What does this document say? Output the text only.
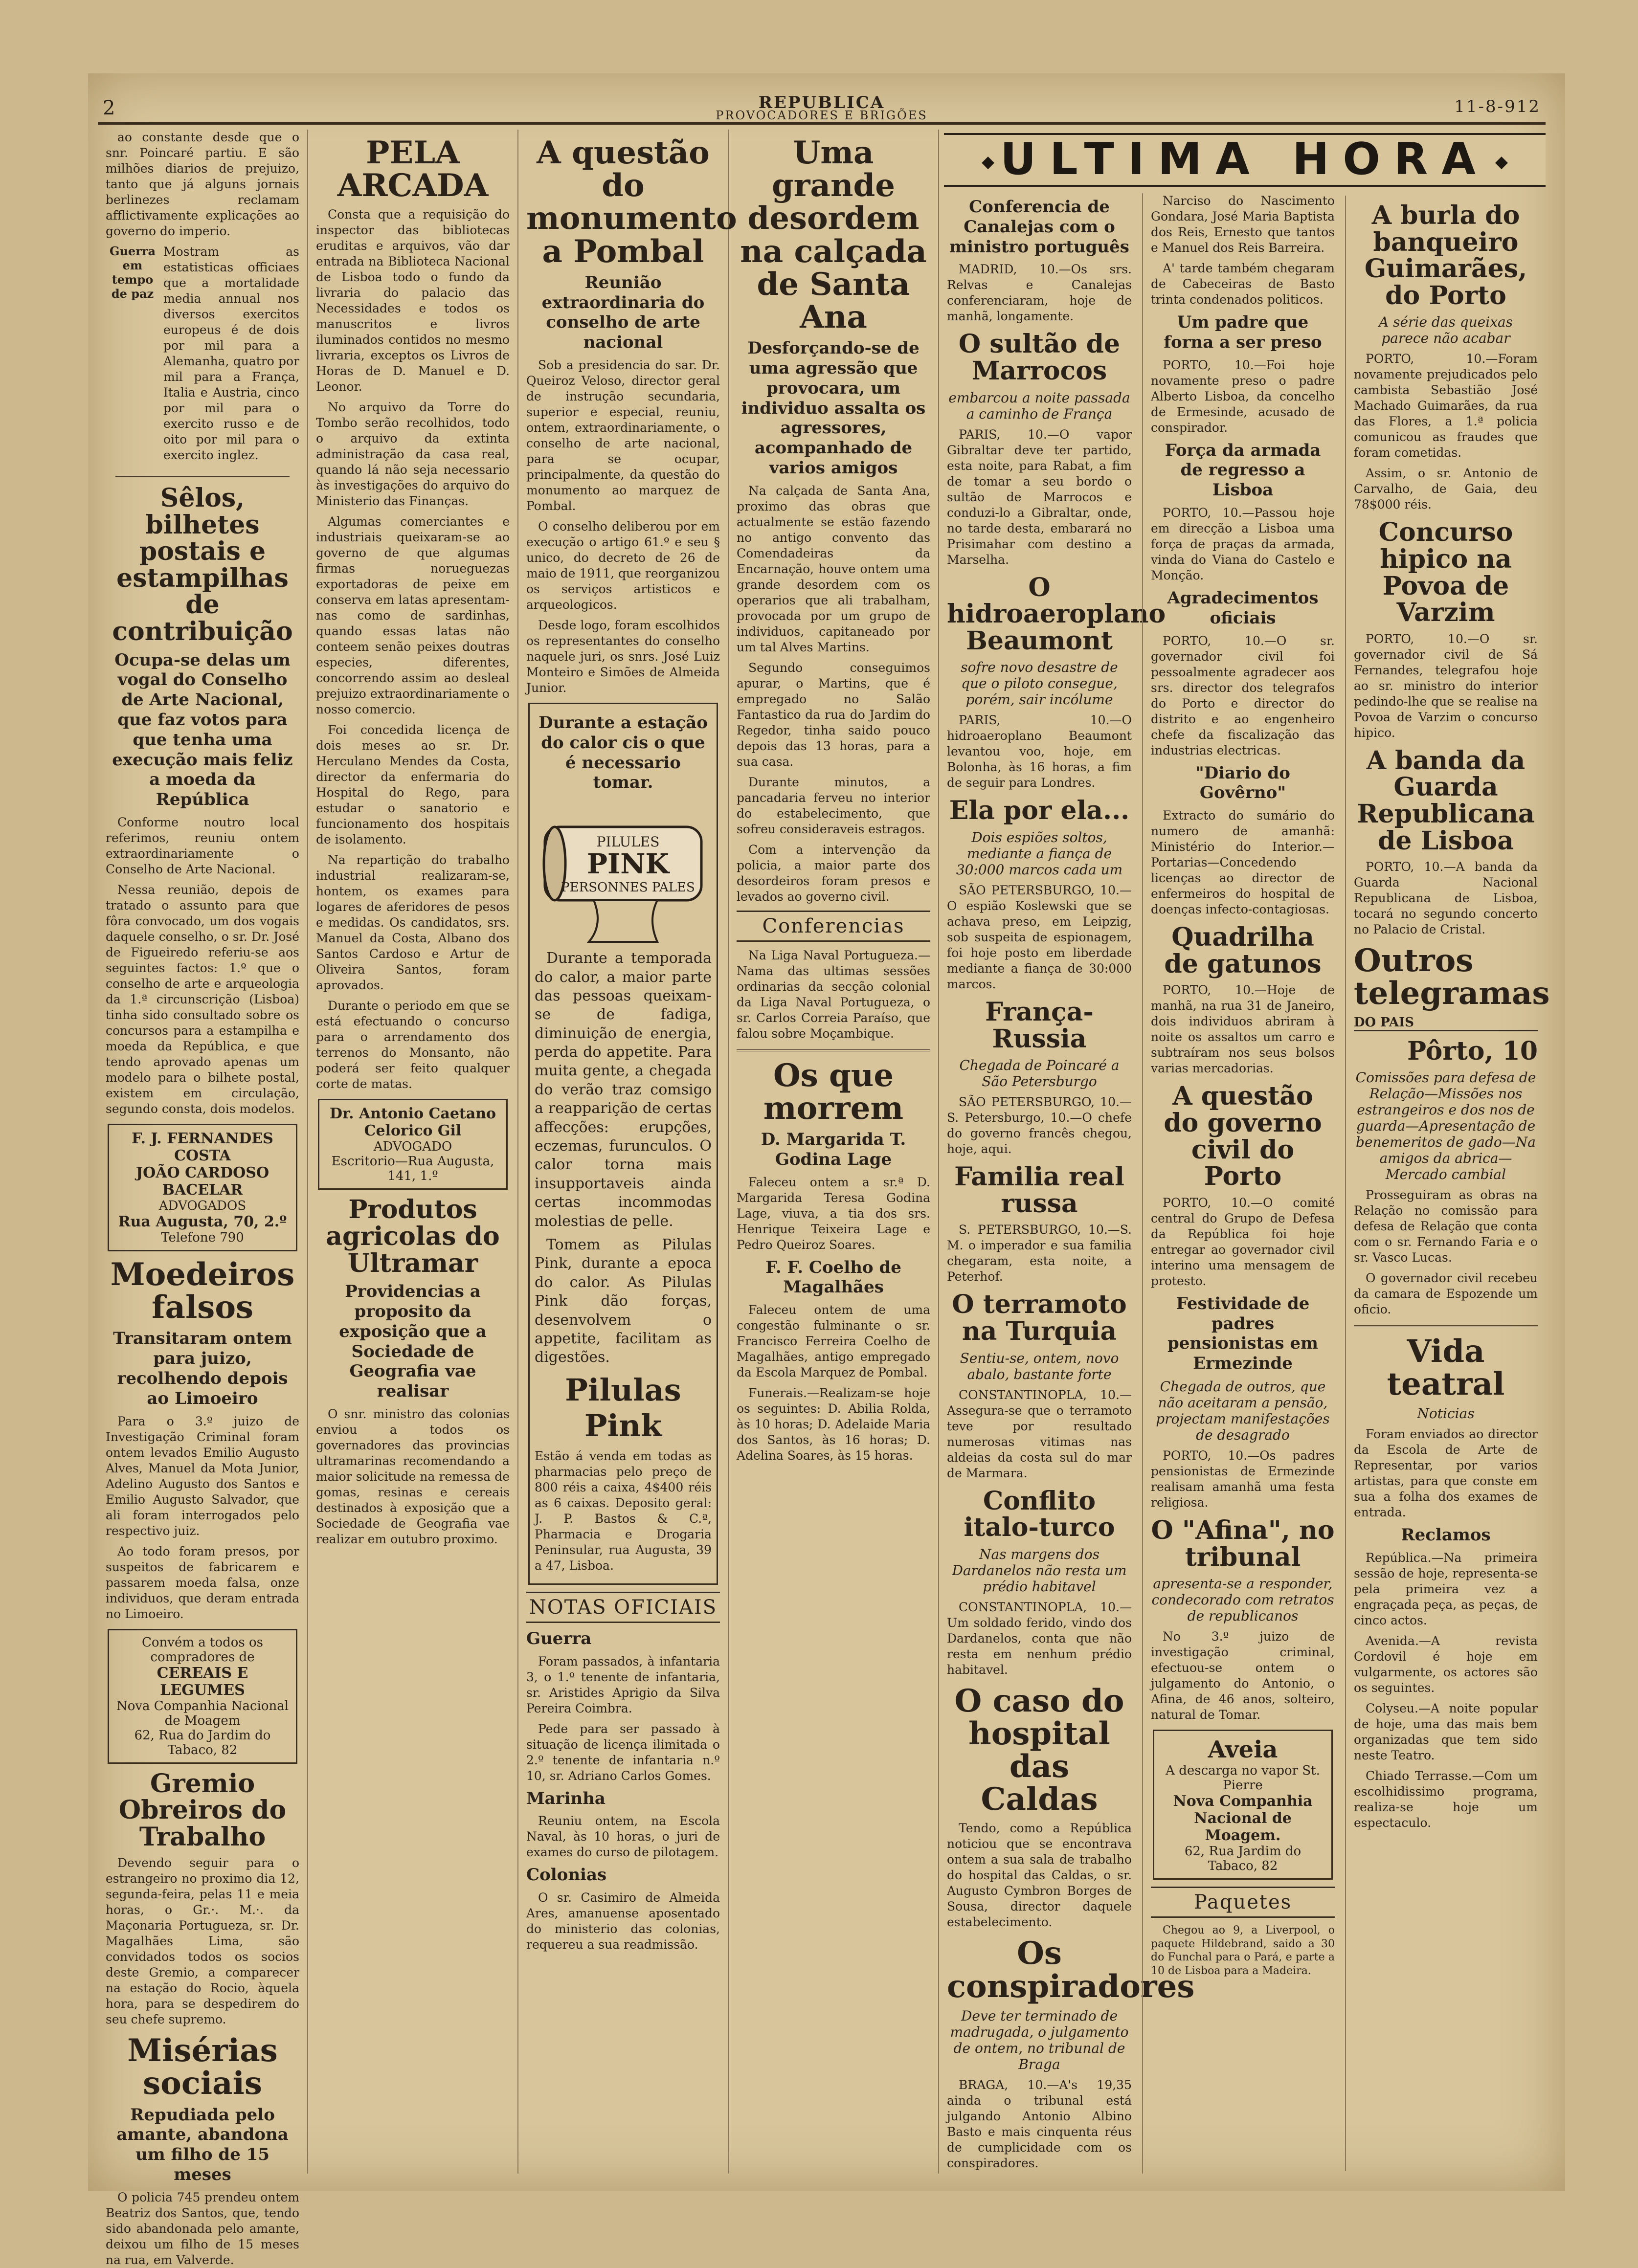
2	REPUBLICA
PROVOCADORES E BRIGÕES	11-8-912

ao constante desde que o snr. Poincaré partiu. E são milhões diarios de prejuizo, tanto que já alguns jornais berlinezes reclamam afflictivamente explicações ao governo do imperio.

Guerra em tempo de paz

Mostram as estatisticas officiaes que a mortalidade media annual nos diversos exercitos europeus é de dois por mil para a Alemanha, quatro por mil para a França, Italia e Austria, cinco por mil para o exercito russo e de oito por mil para o exercito inglez.

Sêlos, bilhetes postais e estampilhas de contribuição
Ocupa-se delas um vogal do Conselho de Arte Nacional, que faz votos para que tenha uma execução mais feliz a moeda da República

Conforme noutro local referimos, reuniu ontem extraordinariamente o Conselho de Arte Nacional.

Nessa reunião, depois de tratado o assunto para que fôra convocado, um dos vogais daquele conselho, o sr. Dr. José de Figueiredo referiu-se aos seguintes factos: 1.º que o conselho de arte e arqueologia da 1.ª circunscrição (Lisboa) tinha sido consultado sobre os concursos para a estampilha e moeda da República, e que tendo aprovado apenas um modelo para o bilhete postal, existem em circulação, segundo consta, dois modelos.

F. J. FERNANDES COSTA
JOÃO CARDOSO BACELAR
ADVOGADOS
Rua Augusta, 70, 2.º
Telefone 790
Moedeiros falsos
Transitaram ontem para juizo, recolhendo depois ao Limoeiro

Para o 3.º juizo de Investigação Criminal foram ontem levados Emilio Augusto Alves, Manuel da Mota Junior, Adelino Augusto dos Santos e Emilio Augusto Salvador, que ali foram interrogados pelo respectivo juiz.

Ao todo foram presos, por suspeitos de fabricarem e passarem moeda falsa, onze individuos, que deram entrada no Limoeiro.

Convém a todos os compradores de
CEREAIS E LEGUMES
Nova Companhia Nacional de Moagem
62, Rua do Jardim do Tabaco, 82
Gremio Obreiros do Trabalho

Devendo seguir para o estrangeiro no proximo dia 12, segunda-feira, pelas 11 e meia horas, o Gr.·. M.·. da Maçonaria Portugueza, sr. Dr. Magalhães Lima, são convidados todos os socios deste Gremio, a comparecer na estação do Rocio, àquela hora, para se despedirem do seu chefe supremo.

Misérias sociais
Repudiada pelo amante, abandona um filho de 15 meses

O policia 745 prendeu ontem Beatriz dos Santos, que, tendo sido abandonada pelo amante, deixou um filho de 15 meses na rua, em Valverde.

PELA ARCADA

Consta que a requisição do inspector das bibliotecas eruditas e arquivos, vão dar entrada na Biblioteca Nacional de Lisboa todo o fundo da livraria do palacio das Necessidades e todos os manuscritos e livros iluminados contidos no mesmo livraria, exceptos os Livros de Horas de D. Manuel e D. Leonor.

No arquivo da Torre do Tombo serão recolhidos, todo o arquivo da extinta administração da casa real, quando lá não seja necessario às investigações do arquivo do Ministerio das Finanças.

Algumas comerciantes e industriais queixaram-se ao governo de que algumas firmas norueguezas exportadoras de peixe em conserva em latas apresentam-nas como de sardinhas, quando essas latas não conteem senão peixes doutras especies, diferentes, concorrendo assim ao desleal prejuizo extraordinariamente o nosso comercio.

Foi concedida licença de dois meses ao sr. Dr. Herculano Mendes da Costa, director da enfermaria do Hospital do Rego, para estudar o sanatorio e funcionamento dos hospitais de isolamento.

Na repartição do trabalho industrial realizaram-se, hontem, os exames para logares de aferidores de pesos e medidas. Os candidatos, srs. Manuel da Costa, Albano dos Santos Cardoso e Artur de Oliveira Santos, foram aprovados.

Durante o periodo em que se está efectuando o concurso para o arrendamento dos terrenos do Monsanto, não poderá ser feito qualquer corte de matas.

Dr. Antonio Caetano Celorico Gil
ADVOGADO
Escritorio—Rua Augusta, 141, 1.º
Produtos agricolas do Ultramar
Providencias a proposito da exposição que a Sociedade de Geografia vae realisar

O snr. ministro das colonias enviou a todos os governadores das provincias ultramarinas recomendando a maior solicitude na remessa de gomas, resinas e cereais destinados à exposição que a Sociedade de Geografia vae realizar em outubro proximo.

A questão do monumento a Pombal
Reunião extraordinaria do conselho de arte nacional

Sob a presidencia do sar. Dr. Queiroz Veloso, director geral de instrução secundaria, superior e especial, reuniu, ontem, extraordinariamente, o conselho de arte nacional, para se ocupar, principalmente, da questão do monumento ao marquez de Pombal.

O conselho deliberou por em execução o artigo 61.º e seu § unico, do decreto de 26 de maio de 1911, que reorganizou os serviços artisticos e arqueologicos.

Desde logo, foram escolhidos os representantes do conselho naquele juri, os snrs. José Luiz Monteiro e Simões de Almeida Junior.

Durante a estação do calor cis o que é necessario tomar.
PILULES
PINK
PERSONNES PALES

Durante a temporada do calor, a maior parte das pessoas queixam-se de fadiga, diminuição de energia, perda do appetite. Para muita gente, a chegada do verão traz comsigo a reapparição de certas affecções: erupções, eczemas, furunculos. O calor torna mais insupportaveis ainda certas incommodas molestias de pelle.

Tomem as Pilulas Pink, durante a epoca do calor. As Pilulas Pink dão forças, desenvolvem o appetite, facilitam as digestões.

Pilulas Pink

Estão á venda em todas as pharmacias pelo preço de 800 réis a caixa, 4$400 réis as 6 caixas. Deposito geral: J. P. Bastos & C.ª, Pharmacia e Drogaria Peninsular, rua Augusta, 39 a 47, Lisboa.

NOTAS OFICIAIS
Guerra

Foram passados, à infantaria 3, o 1.º tenente de infantaria, sr. Aristides Aprigio da Silva Pereira Coimbra.

Pede para ser passado à situação de licença ilimitada o 2.º tenente de infantaria n.º 10, sr. Adriano Carlos Gomes.

Marinha

Reuniu ontem, na Escola Naval, às 10 horas, o juri de exames do curso de pilotagem.

Colonias

O sr. Casimiro de Almeida Ares, amanuense aposentado do ministerio das colonias, requereu a sua readmissão.

Uma grande desordem na calçada de Santa Ana
Desforçando-se de uma agressão que provocara, um individuo assalta os agressores, acompanhado de varios amigos

Na calçada de Santa Ana, proximo das obras que actualmente se estão fazendo no antigo convento das Comendadeiras da Encarnação, houve ontem uma grande desordem com os operarios que ali trabalham, provocada por um grupo de individuos, capitaneado por um tal Alves Martins.

Segundo conseguimos apurar, o Martins, que é empregado no Salão Fantastico da rua do Jardim do Regedor, tinha saido pouco depois das 13 horas, para a sua casa.

Durante minutos, a pancadaria ferveu no interior do estabelecimento, que sofreu consideraveis estragos.

Com a intervenção da policia, a maior parte dos desordeiros foram presos e levados ao governo civil.

Conferencias

Na Liga Naval Portugueza.—Nama das ultimas sessões ordinarias da secção colonial da Liga Naval Portugueza, o sr. Carlos Correia Paraíso, que falou sobre Moçambique.

Os que morrem
D. Margarida T. Godina Lage

Faleceu ontem a sr.ª D. Margarida Teresa Godina Lage, viuva, a tia dos srs. Henrique Teixeira Lage e Pedro Queiroz Soares.

F. F. Coelho de Magalhães

Faleceu ontem de uma congestão fulminante o sr. Francisco Ferreira Coelho de Magalhães, antigo empregado da Escola Marquez de Pombal.

Funerais.—Realizam-se hoje os seguintes: D. Abilia Rolda, às 10 horas; D. Adelaide Maria dos Santos, às 16 horas; D. Adelina Soares, às 15 horas.

◆ ULTIMA HORA ◆
Conferencia de Canalejas com o ministro português

MADRID, 10.—Os srs. Relvas e Canalejas conferenciaram, hoje de manhã, longamente.

O sultão de Marrocos
embarcou a noite passada a caminho de França

PARIS, 10.—O vapor Gibraltar deve ter partido, esta noite, para Rabat, a fim de tomar a seu bordo o sultão de Marrocos e conduzi-lo a Gibraltar, onde, no tarde desta, embarará no Prisimahar com destino a Marselha.

O hidroaeroplano Beaumont
sofre novo desastre de que o piloto consegue, porém, sair incólume

PARIS, 10.—O hidroaeroplano Beaumont levantou voo, hoje, em Bolonha, às 16 horas, a fim de seguir para Londres.

Ela por ela...
Dois espiões soltos, mediante a fiança de 30:000 marcos cada um

SÃO PETERSBURGO, 10.—O espião Koslewski que se achava preso, em Leipzig, sob suspeita de espionagem, foi hoje posto em liberdade mediante a fiança de 30:000 marcos.

França-Russia
Chegada de Poincaré a São Petersburgo

SÃO PETERSBURGO, 10.—S. Petersburgo, 10.—O chefe do governo francês chegou, hoje, aqui.

Familia real russa

S. PETERSBURGO, 10.—S. M. o imperador e sua familia chegaram, esta noite, a Peterhof.

O terramoto na Turquia
Sentiu-se, ontem, novo abalo, bastante forte

CONSTANTINOPLA, 10.—Assegura-se que o terramoto teve por resultado numerosas vitimas nas aldeias da costa sul do mar de Marmara.

Conflito italo-turco
Nas margens dos Dardanelos não resta um prédio habitavel

CONSTANTINOPLA, 10.—Um soldado ferido, vindo dos Dardanelos, conta que não resta em nenhum prédio habitavel.

O caso do hospital das Caldas

Tendo, como a República noticiou que se encontrava ontem a sua sala de trabalho do hospital das Caldas, o sr. Augusto Cymbron Borges de Sousa, director daquele estabelecimento.

Os conspiradores
Deve ter terminado de madrugada, o julgamento de ontem, no tribunal de Braga

BRAGA, 10.—A's 19,35 ainda o tribunal está julgando Antonio Albino Basto e mais cinquenta réus de cumplicidade com os conspiradores.

Narciso do Nascimento Gondara, José Maria Baptista dos Reis, Ernesto que tantos e Manuel dos Reis Barreira.

A' tarde também chegaram de Cabeceiras de Basto trinta condenados politicos.

Um padre que forna a ser preso

PORTO, 10.—Foi hoje novamente preso o padre Alberto Lisboa, da concelho de Ermesinde, acusado de conspirador.

Força da armada de regresso a Lisboa

PORTO, 10.—Passou hoje em direcção a Lisboa uma força de praças da armada, vinda do Viana do Castelo e Monção.

Agradecimentos oficiais

PORTO, 10.—O sr. governador civil foi pessoalmente agradecer aos srs. director dos telegrafos do Porto e director do distrito e ao engenheiro chefe da fiscalização das industrias electricas.

"Diario do Govêrno"

Extracto do sumário do numero de amanhã: Ministério do Interior.—Portarias—Concedendo licenças ao director de enfermeiros do hospital de doenças infecto-contagiosas.

Quadrilha de gatunos

PORTO, 10.—Hoje de manhã, na rua 31 de Janeiro, dois individuos abriram à noite os assaltos um carro e subtraíram nos seus bolsos varias mercadorias.

A questão do governo civil do Porto

PORTO, 10.—O comité central do Grupo de Defesa da República foi hoje entregar ao governador civil interino uma mensagem de protesto.

Festividade de padres pensionistas em Ermezinde
Chegada de outros, que não aceitaram a pensão, projectam manifestações de desagrado

PORTO, 10.—Os padres pensionistas de Ermezinde realisam amanhã uma festa religiosa.

O "Afina", no tribunal
apresenta-se a responder, condecorado com retratos de republicanos

No 3.º juizo de investigação criminal, efectuou-se ontem o julgamento do Antonio, o Afina, de 46 anos, solteiro, natural de Tomar.

Aveia
A descarga no vapor St. Pierre
Nova Companhia Nacional de Moagem.
62, Rua Jardim do Tabaco, 82
Paquetes

Chegou ao 9, a Liverpool, o paquete Hildebrand, saido a 30 do Funchal para o Pará, e parte a 10 de Lisboa para a Madeira.

A burla do banqueiro Guimarães, do Porto
A série das queixas parece não acabar

PORTO, 10.—Foram novamente prejudicados pelo cambista Sebastião José Machado Guimarães, da rua das Flores, a 1.ª policia comunicou as fraudes que foram cometidas.

Assim, o sr. Antonio de Carvalho, de Gaia, deu 78$000 réis.

Concurso hipico na Povoa de Varzim

PORTO, 10.—O sr. governador civil de Sá Fernandes, telegrafou hoje ao sr. ministro do interior pedindo-lhe que se realise na Povoa de Varzim o concurso hipico.

A banda da Guarda Republicana de Lisboa

PORTO, 10.—A banda da Guarda Nacional Republicana de Lisboa, tocará no segundo concerto no Palacio de Cristal.

Outros telegramas
DO PAIS
Pôrto, 10
Comissões para defesa de Relação—Missões nos estrangeiros e dos nos de guarda—Apresentação de benemeritos de gado—Na amigos da abrica—Mercado cambial

Prosseguiram as obras na Relação no comissão para defesa de Relação que conta com o sr. Fernando Faria e o sr. Vasco Lucas.

O governador civil recebeu da camara de Espozende um oficio.

Vida teatral
Noticias

Foram enviados ao director da Escola de Arte de Representar, por varios artistas, para que conste em sua a folha dos exames de entrada.

Reclamos

República.—Na primeira sessão de hoje, representa-se pela primeira vez a engraçada peça, as peças, de cinco actos.

Avenida.—A revista Cordovil é hoje em vulgarmente, os actores são os seguintes.

Colyseu.—A noite popular de hoje, uma das mais bem organizadas que tem sido neste Teatro.

Chiado Terrasse.—Com um escolhidissimo programa, realiza-se hoje um espectaculo.
